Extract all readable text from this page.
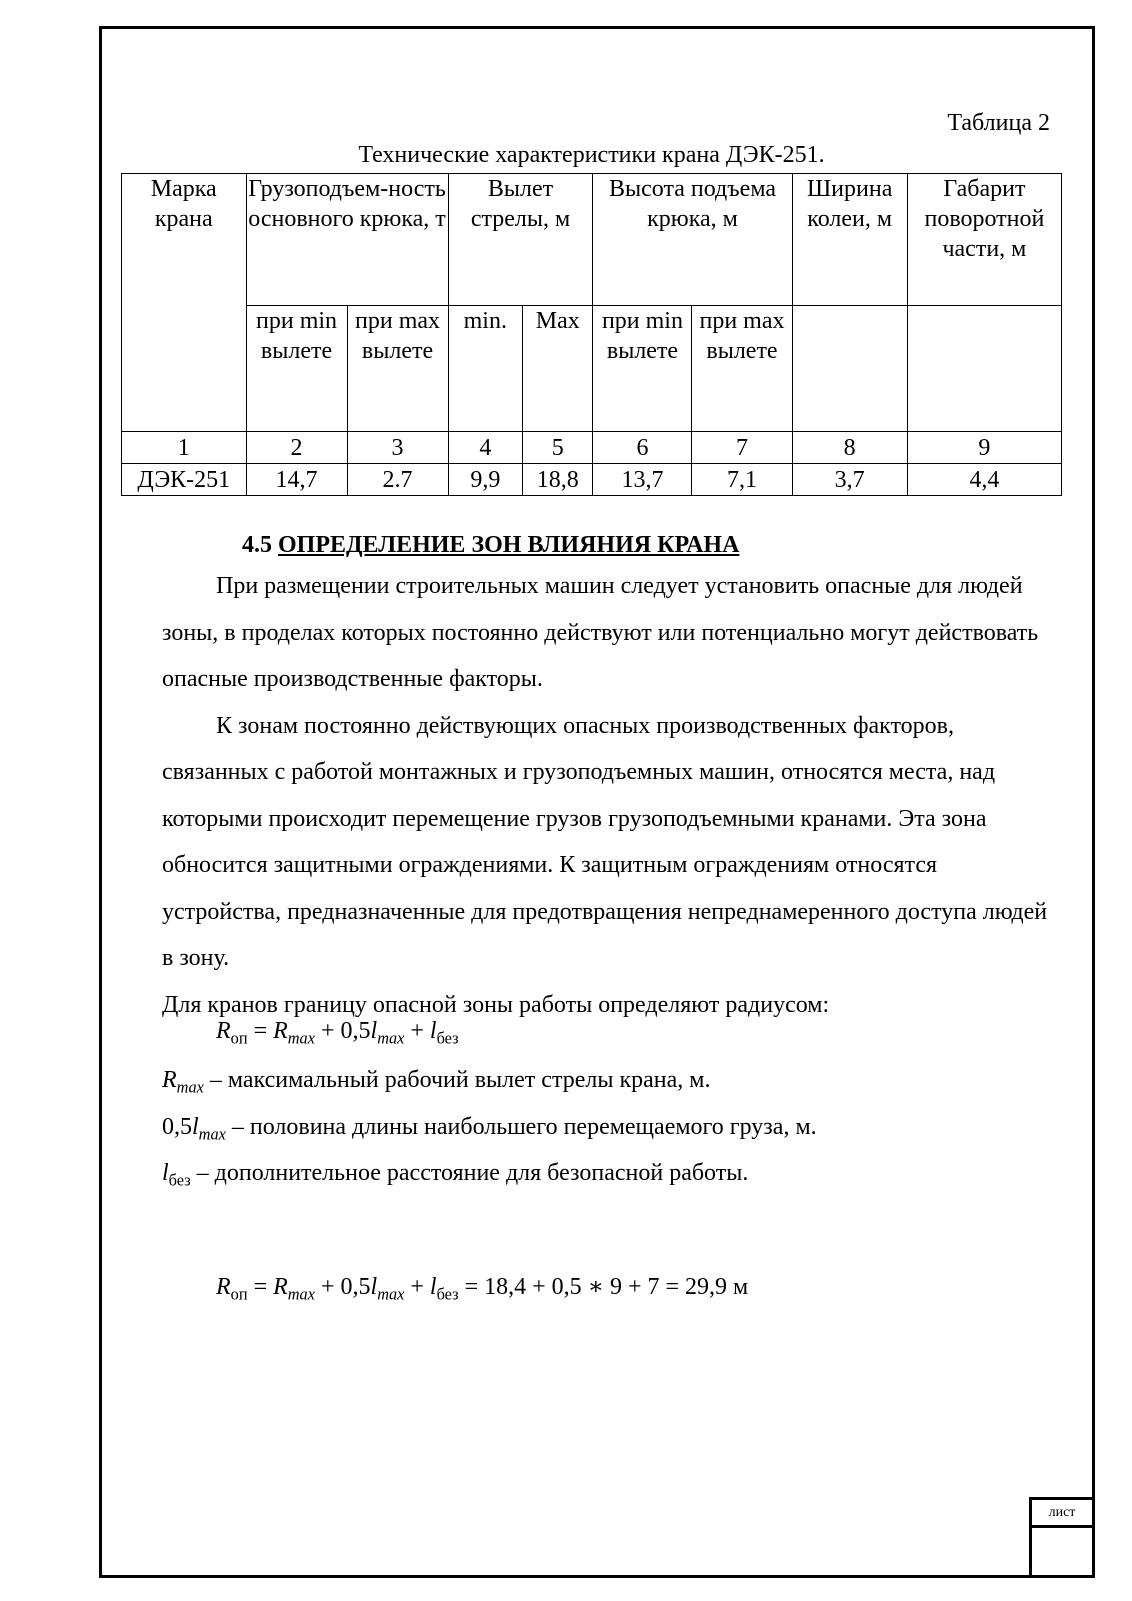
лист
Таблица 2
Технические характеристики крана ДЭК-251.
Марка крана	Грузоподъем-ность основного крюка, т		Вылет стрелы, м		Высота подъема крюка, м		Ширина колеи, м	Габарит поворотной части, м
	при min вылете	при max вылете	min.	Max	при min вылете	при max вылете		
1	2	3	4	5	6	7	8	9
ДЭК-251	14,7	2.7	9,9	18,8	13,7	7,1	3,7	4,4
4.5 ОПРЕДЕЛЕНИЕ ЗОН ВЛИЯНИЯ КРАНА

При размещении строительных машин следует установить опасные для людей зоны, в проделах которых постоянно действуют или потенциально могут действовать опасные производственные факторы.

К зонам постоянно действующих опасных производственных факторов, связанных с работой монтажных и грузоподъемных машин, относятся места, над которыми происходит перемещение грузов грузоподъемными кранами. Эта зона обносится защитными ограждениями. К защитным ограждениям относятся устройства, предназначенные для предотвращения непреднамеренного доступа людей в зону.

Для кранов границу опасной зоны работы определяют радиусом:

$R_{оп} = R_{max} + 0,5l_{max} + l_{без}$

$R_{max}$ – максимальный рабочий вылет стрелы крана, м.

$0,5l_{max}$ – половина длины наибольшего перемещаемого груза, м.

$l_{без}$ – дополнительное расстояние для безопасной работы.

$R_{оп} = R_{max} + 0,5l_{max} + l_{без} = 18,4 + 0,5$ ∗ 9 + 7 = 29,9 м
